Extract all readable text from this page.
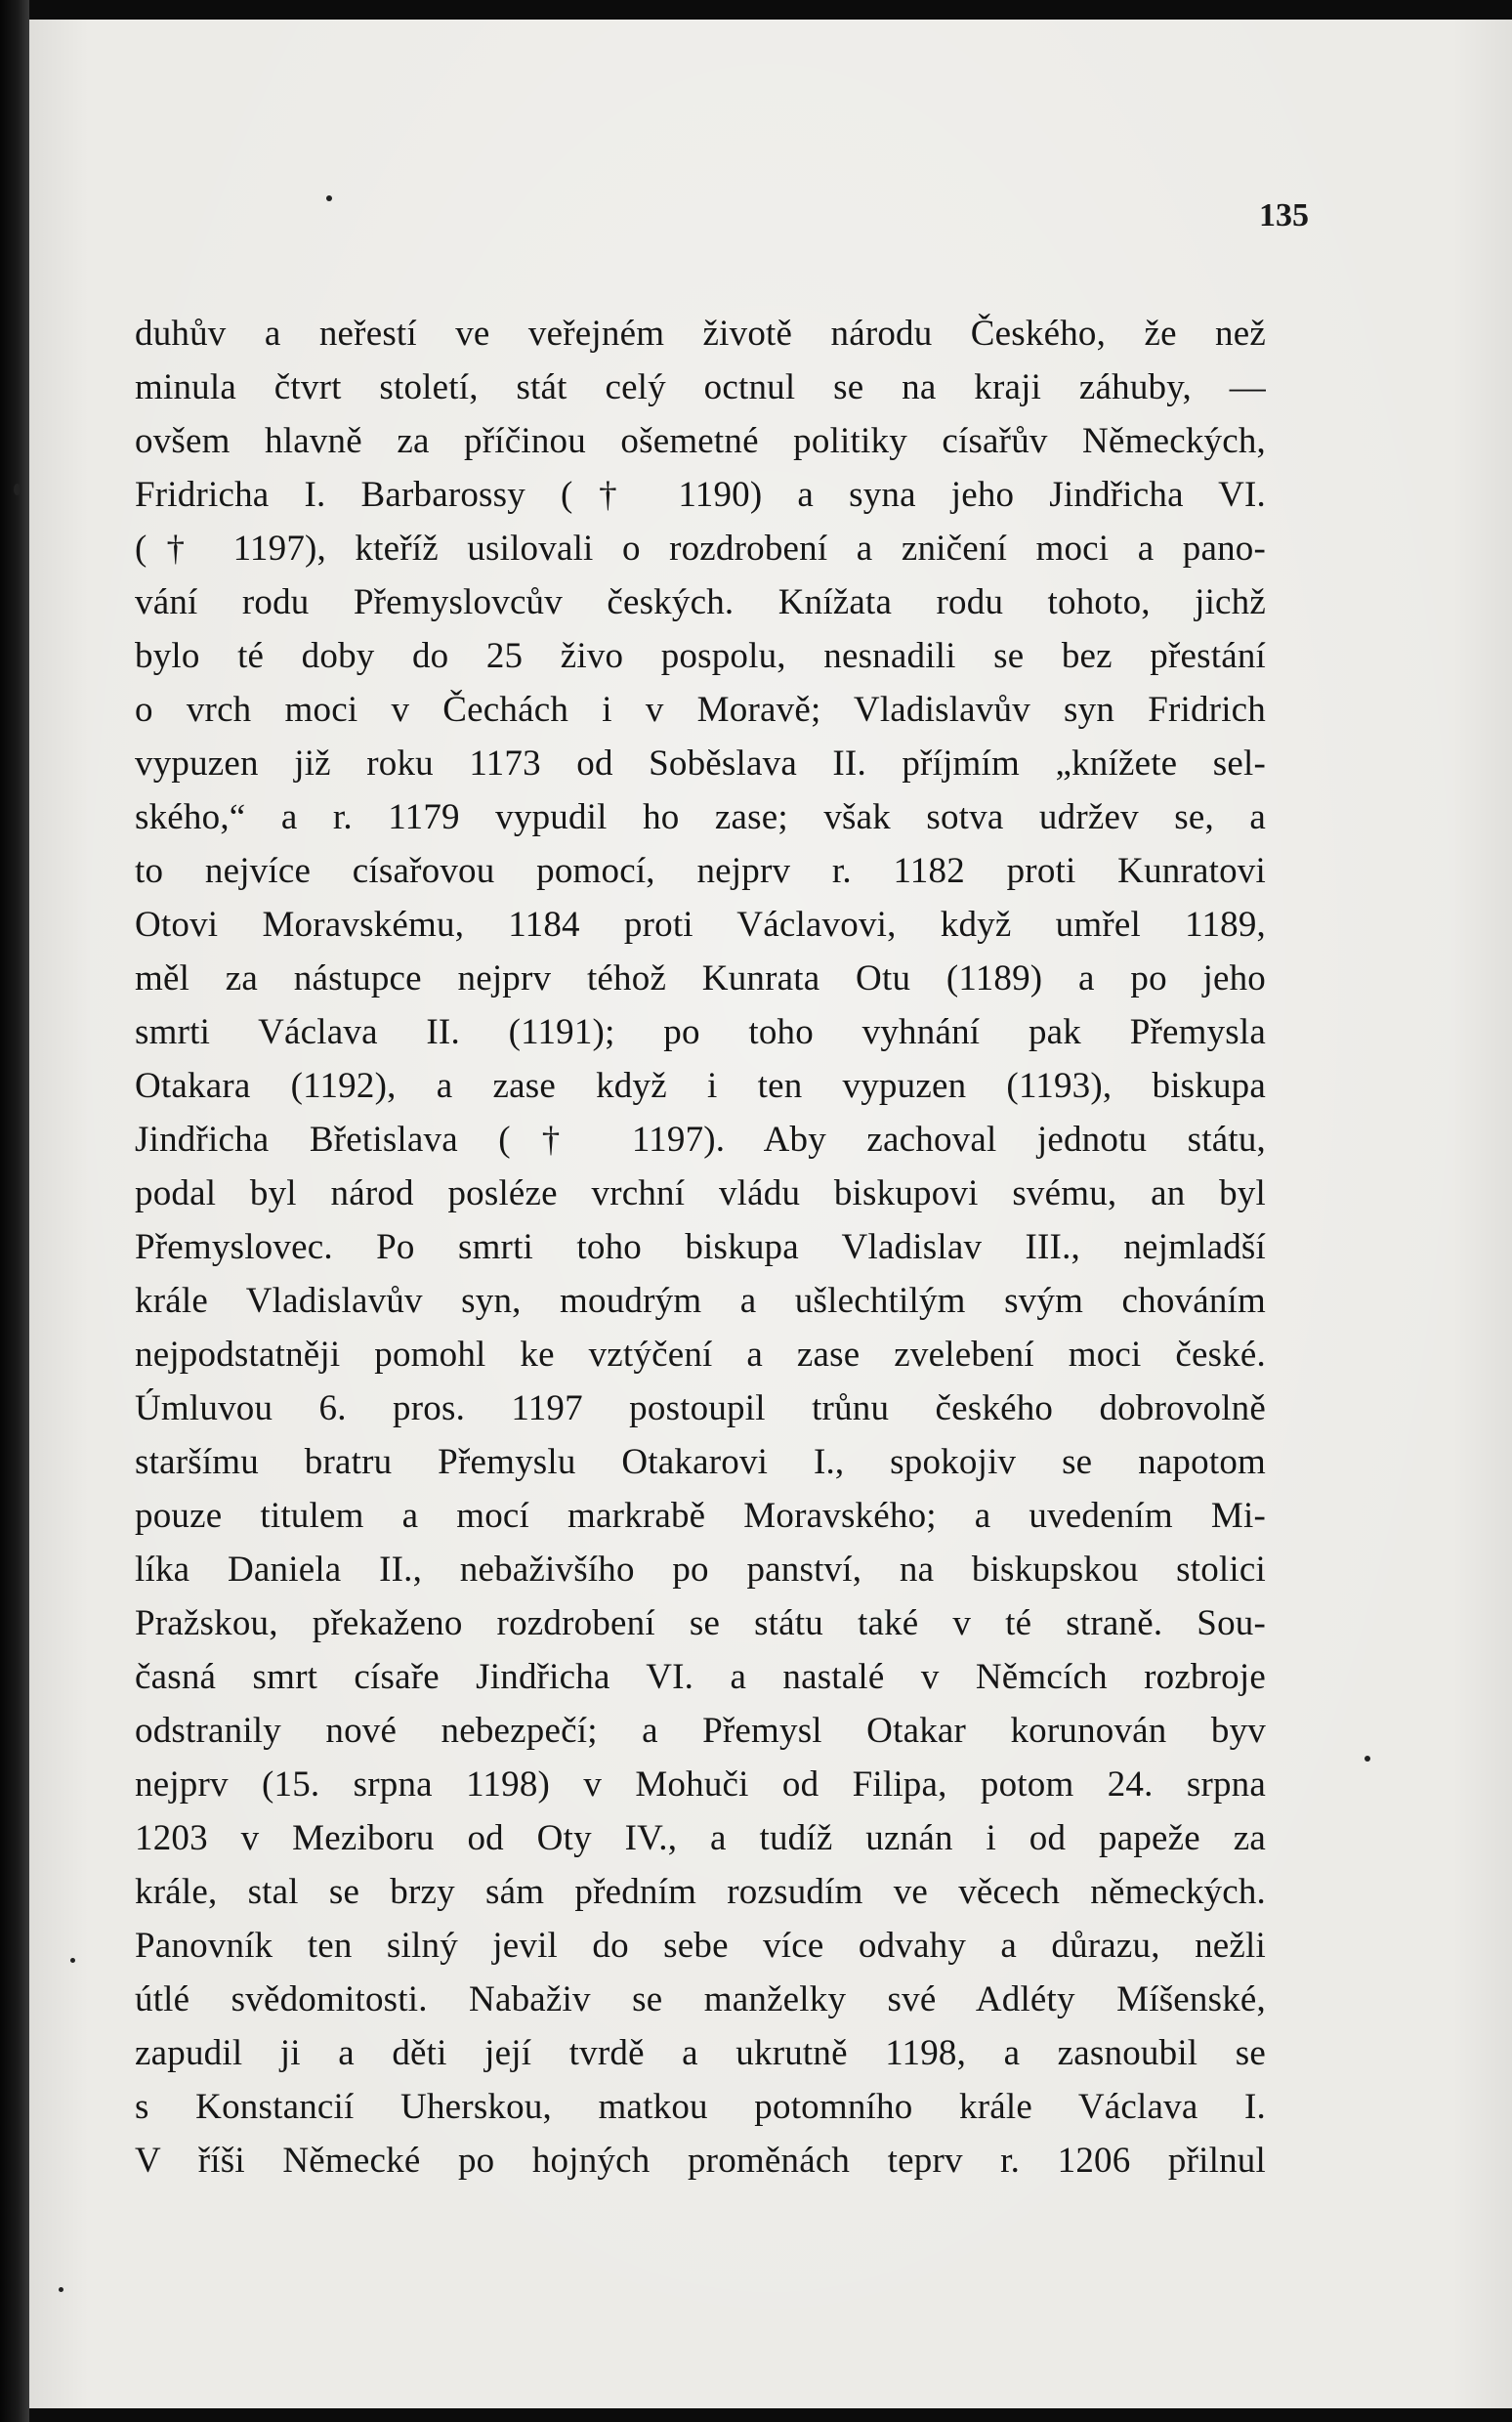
135
duhův a neřestí ve veřejném životě národu Českého, že než
minula čtvrt století, stát celý octnul se na kraji záhuby, —
ovšem hlavně za příčinou ošemetné politiky císařův Německých,
Fridricha I. Barbarossy († 1190) a syna jeho Jindřicha VI.
(† 1197), kteříž usilovali o rozdrobení a zničení moci a pano-
vání rodu Přemyslovcův českých. Knížata rodu tohoto, jichž
bylo té doby do 25 živo pospolu, nesnadili se bez přestání
o vrch moci v Čechách i v Moravě; Vladislavův syn Fridrich
vypuzen již roku 1173 od Soběslava II. příjmím „knížete sel-
ského,“ a r. 1179 vypudil ho zase; však sotva udržev se, a
to nejvíce císařovou pomocí, nejprv r. 1182 proti Kunratovi
Otovi Moravskému, 1184 proti Václavovi, když umřel 1189,
měl za nástupce nejprv téhož Kunrata Otu (1189) a po jeho
smrti Václava II. (1191); po toho vyhnání pak Přemysla
Otakara (1192), a zase když i ten vypuzen (1193), biskupa
Jindřicha Břetislava († 1197). Aby zachoval jednotu státu,
podal byl národ posléze vrchní vládu biskupovi svému, an byl
Přemyslovec. Po smrti toho biskupa Vladislav III., nejmladší
krále Vladislavův syn, moudrým a ušlechtilým svým chováním
nejpodstatněji pomohl ke vztýčení a zase zvelebení moci české.
Úmluvou 6. pros. 1197 postoupil trůnu českého dobrovolně
staršímu bratru Přemyslu Otakarovi I., spokojiv se napotom
pouze titulem a mocí markrabě Moravského; a uvedením Mi-
líka Daniela II., nebaživšího po panství, na biskupskou stolici
Pražskou, překaženo rozdrobení se státu také v té straně. Sou-
časná smrt císaře Jindřicha VI. a nastalé v Němcích rozbroje
odstranily nové nebezpečí; a Přemysl Otakar korunován byv
nejprv (15. srpna 1198) v Mohuči od Filipa, potom 24. srpna
1203 v Meziboru od Oty IV., a tudíž uznán i od papeže za
krále, stal se brzy sám předním rozsudím ve věcech německých.
Panovník ten silný jevil do sebe více odvahy a důrazu, nežli
útlé svědomitosti. Nabaživ se manželky své Adléty Míšenské,
zapudil ji a děti její tvrdě a ukrutně 1198, a zasnoubil se
s Konstancií Uherskou, matkou potomního krále Václava I.
V říši Německé po hojných proměnách teprv r. 1206 přilnul
